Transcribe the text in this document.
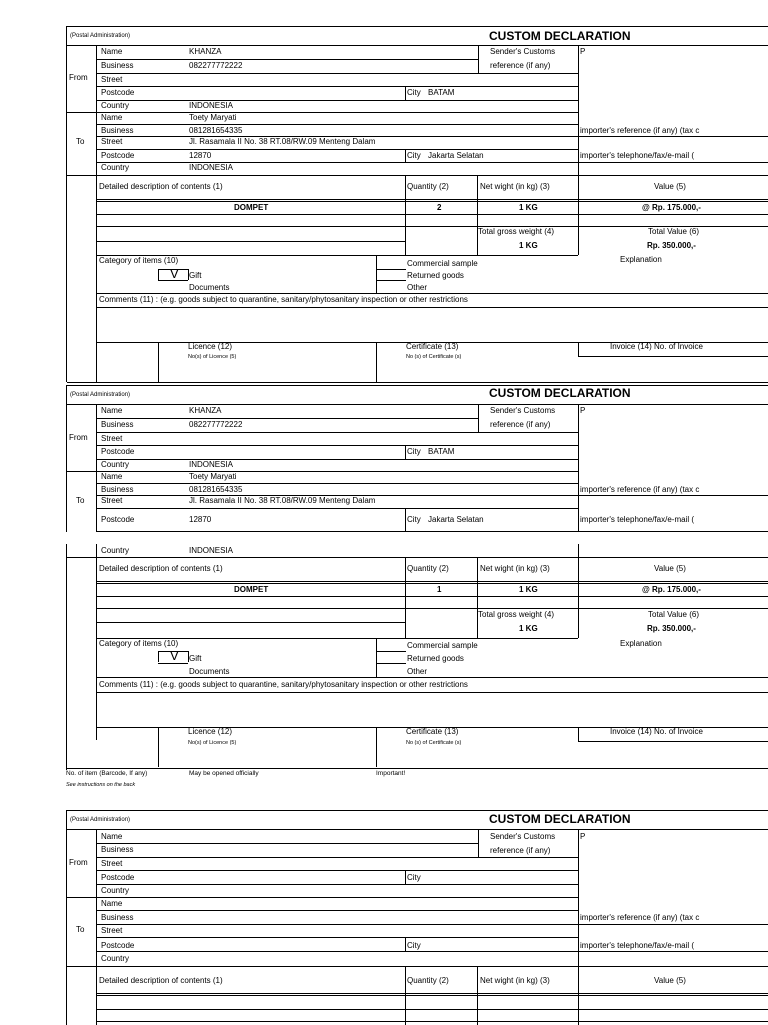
(Postal Administration)	CUSTOM DECLARATION
Name	KHANZA
Business	082277772222
From Street
Postcode	City BATAM
Country	INDONESIA
Sender's Customs
reference (if any)
P
Name	Toety Maryati
Business	081281654335	importer's reference (if any) (tax c
To Street	Jl. Rasamala II No. 38 RT.08/RW.09 Menteng Dalam
Postcode	12870	City Jakarta Selatan	importer's telephone/fax/e-mail (
Country	INDONESIA
Detailed description of contents (1)	Quantity (2)	Net wight (in kg) (3)	Value (5)
DOMPET	2	1 KG	@ Rp. 175.000,-
Total gross weight (4)	Total Value (6)
1 KG	Rp. 350.000,-
Category of items (10)	Commercial sample	Explanation
V Gift	Returned goods
Documents	Other
Comments (11) : (e.g. goods subject to quarantine, sanitary/phytosanitary inspection or other restrictions
Licence (12)
No(s) of Licence (5)
Certificate (13)
No (s) of Certificate (s)
Invoice (14) No. of Invoice
(Postal Administration)	CUSTOM DECLARATION
Name	KHANZA
Business	082277772222
From Street
Postcode	City BATAM
Country	INDONESIA
Sender's Customs
reference (if any)
P
Name	Toety Maryati
Business	081281654335	importer's reference (if any) (tax c
To Street	Jl. Rasamala II No. 38 RT.08/RW.09 Menteng Dalam
Postcode	12870	City Jakarta Selatan	importer's telephone/fax/e-mail (
Country	INDONESIA
Detailed description of contents (1)	Quantity (2)	Net wight (in kg) (3)	Value (5)
DOMPET	1	1 KG	@ Rp. 175.000,-
Total gross weight (4)	Total Value (6)
1 KG	Rp. 350.000,-
Category of items (10)	Commercial sample	Explanation
V Gift	Returned goods
Documents	Other
Comments (11) : (e.g. goods subject to quarantine, sanitary/phytosanitary inspection or other restrictions
Licence (12)
No(s) of Licence (5)
Certificate (13)
No (s) of Certificate (s)
Invoice (14) No. of Invoice
No. of item (Barcode, If any)	May be opened officially	Important!
See instructions on the back
(Postal Administration)	CUSTOM DECLARATION
Name
Business
From Street
Postcode	City
Country
Sender's Customs
reference (if any)
P
Name
Business	importer's reference (if any) (tax c
To Street
Postcode	City	importer's telephone/fax/e-mail (
Country
Detailed description of contents (1)	Quantity (2)	Net wight (in kg) (3)	Value (5)
